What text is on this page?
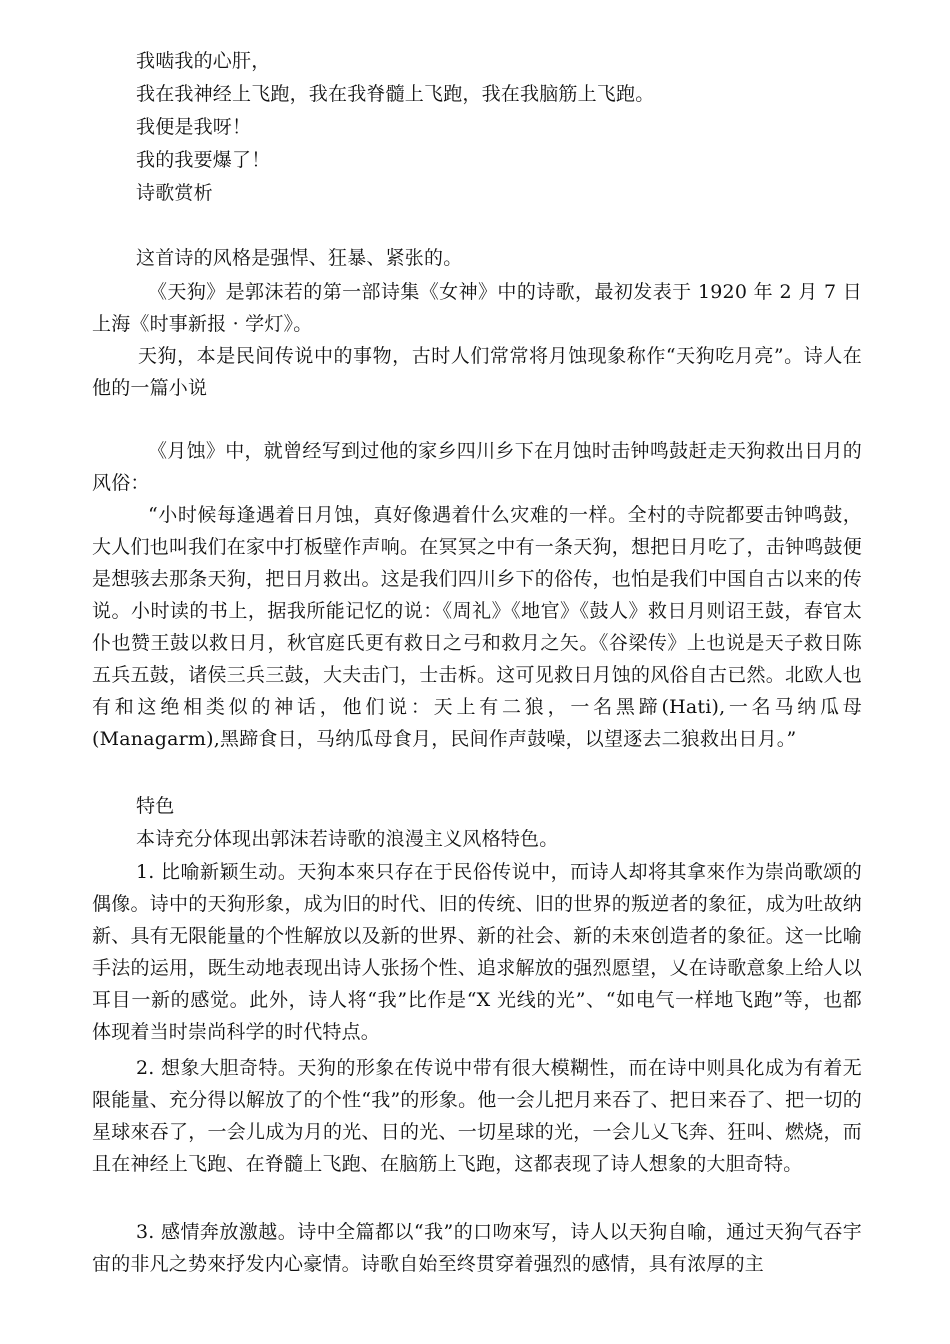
我啮我的心肝，
我在我神经上飞跑，我在我脊髓上飞跑，我在我脑筋上飞跑。
我便是我呀！
我的我要爆了！
诗歌赏析
这首诗的风格是强悍、狂暴、紧张的。
《天狗》是郭沫若的第一部诗集《女神》中的诗歌，最初发表于 1920 年 2 月 7 日上海《时事新报 · 学灯》。
天狗，本是民间传说中的事物，古时人们常常将月蚀现象称作“天狗吃月亮”。诗人在他的一篇小说
《月蚀》中，就曾经写到过他的家乡四川乡下在月蚀时击钟鸣鼓赶走天狗救出日月的风俗：
“小时候每逢遇着日月蚀，真好像遇着什么灾难的一样。全村的寺院都要击钟鸣鼓，大人们也叫我们在家中打板壁作声响。在冥冥之中有一条天狗，想把日月吃了，击钟鸣鼓便是想骇去那条天狗，把日月救出。这是我们四川乡下的俗传，也怕是我们中国自古以来的传说。小时读的书上，据我所能记忆的说：《周礼》《地官》《鼓人》救日月则诏王鼓，春官太仆也赞王鼓以救日月，秋官庭氏更有救日之弓和救月之矢。《谷梁传》上也说是天子救日陈五兵五鼓，诸侯三兵三鼓，大夫击门，士击柝。这可见救日月蚀的风俗自古已然。北欧人也有和这绝相类似的神话，他们说：天上有二狼，一名黑蹄(Hati),一名马纳瓜母(Managarm),黑蹄食日，马纳瓜母食月，民间作声鼓噪，以望逐去二狼救出日月。”
特色
本诗充分体现出郭沫若诗歌的浪漫主义风格特色。
1. 比喻新颖生动。天狗本來只存在于民俗传说中，而诗人却将其拿來作为崇尚歌颂的偶像。诗中的天狗形象，成为旧的时代、旧的传统、旧的世界的叛逆者的象征，成为吐故纳新、具有无限能量的个性解放以及新的世界、新的社会、新的未來创造者的象征。这一比喻手法的运用，既生动地表现出诗人张扬个性、追求解放的强烈愿望，乂在诗歌意象上给人以耳目一新的感觉。此外，诗人将“我”比作是“X 光线的光”、“如电气一样地飞跑”等，也都体现着当时崇尚科学的时代特点。
2. 想象大胆奇特。天狗的形象在传说中带有很大模糊性，而在诗中则具化成为有着无限能量、充分得以解放了的个性“我”的形象。他一会儿把月来吞了、把日来吞了、把一切的星球來吞了，一会儿成为月的光、日的光、一切星球的光，一会儿乂飞奔、狂叫、燃烧，而且在神经上飞跑、在脊髓上飞跑、在脑筋上飞跑，这都表现了诗人想象的大胆奇特。
3. 感情奔放激越。诗中全篇都以“我”的口吻來写，诗人以天狗自喻，通过天狗气吞宇宙的非凡之势來抒发内心豪情。诗歌自始至终贯穿着强烈的感情，具有浓厚的主
